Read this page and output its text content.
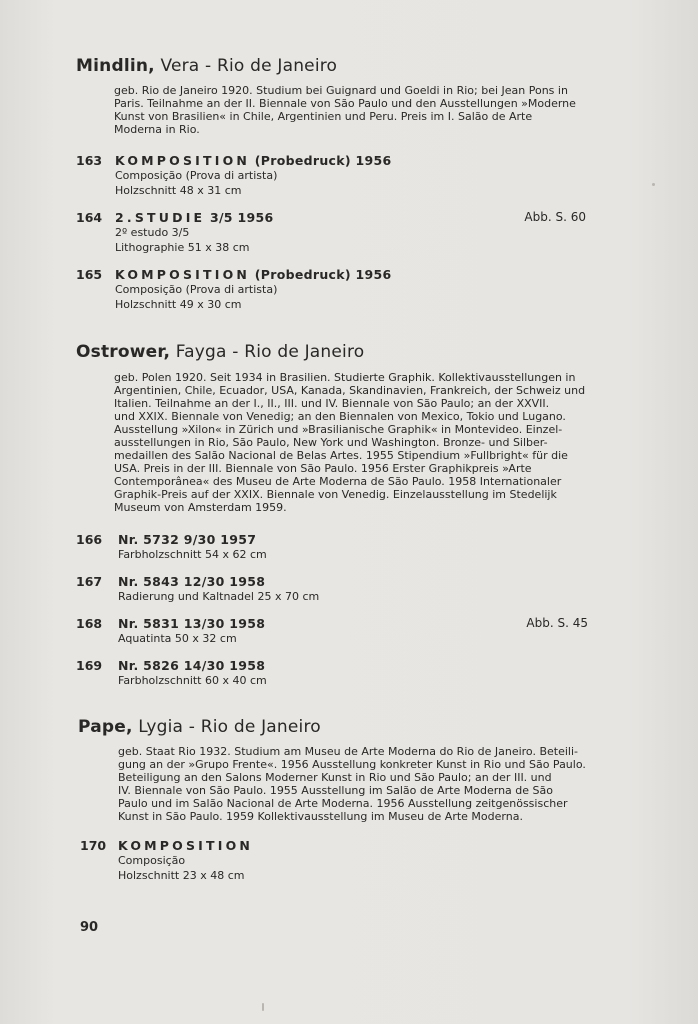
Mindlin, Vera - Rio de Janeiro
geb. Rio de Janeiro 1920. Studium bei Guignard und Goeldi in Rio; bei Jean Pons in
Paris. Teilnahme an der II. Biennale von São Paulo und den Ausstellungen »Moderne
Kunst von Brasilien« in Chile, Argentinien und Peru. Preis im I. Salão de Arte
Moderna in Rio.
163 KOMPOSITION (Probedruck) 1956
Composição (Prova di artista)
Holzschnitt 48 x 31 cm
164 2.STUDIE 3/5 1956
2º estudo 3/5
Lithographie 51 x 38 cm
Abb. S. 60
165 KOMPOSITION (Probedruck) 1956
Composição (Prova di artista)
Holzschnitt 49 x 30 cm
Ostrower, Fayga - Rio de Janeiro
geb. Polen 1920. Seit 1934 in Brasilien. Studierte Graphik. Kollektivausstellungen in
Argentinien, Chile, Ecuador, USA, Kanada, Skandinavien, Frankreich, der Schweiz und
Italien. Teilnahme an der I., II., III. und IV. Biennale von São Paulo; an der XXVII.
und XXIX. Biennale von Venedig; an den Biennalen von Mexico, Tokio und Lugano.
Ausstellung »Xilon« in Zürich und »Brasilianische Graphik« in Montevideo. Einzel-
ausstellungen in Rio, São Paulo, New York und Washington. Bronze- und Silber-
medaillen des Salão Nacional de Belas Artes. 1955 Stipendium »Fullbright« für die
USA. Preis in der III. Biennale von São Paulo. 1956 Erster Graphikpreis »Arte
Contemporânea« des Museu de Arte Moderna de São Paulo. 1958 Internationaler
Graphik-Preis auf der XXIX. Biennale von Venedig. Einzelausstellung im Stedelijk
Museum von Amsterdam 1959.
166 Nr. 5732 9/30 1957
Farbholzschnitt 54 x 62 cm
167 Nr. 5843 12/30 1958
Radierung und Kaltnadel 25 x 70 cm
168 Nr. 5831 13/30 1958
Aquatinta 50 x 32 cm
Abb. S. 45
169 Nr. 5826 14/30 1958
Farbholzschnitt 60 x 40 cm
Pape, Lygia - Rio de Janeiro
geb. Staat Rio 1932. Studium am Museu de Arte Moderna do Rio de Janeiro. Beteili-
gung an der »Grupo Frente«. 1956 Ausstellung konkreter Kunst in Rio und São Paulo.
Beteiligung an den Salons Moderner Kunst in Rio und São Paulo; an der III. und
IV. Biennale von São Paulo. 1955 Ausstellung im Salão de Arte Moderna de São
Paulo und im Salão Nacional de Arte Moderna. 1956 Ausstellung zeitgenössischer
Kunst in São Paulo. 1959 Kollektivausstellung im Museu de Arte Moderna.
170 KOMPOSITION
Composição
Holzschnitt 23 x 48 cm
90
